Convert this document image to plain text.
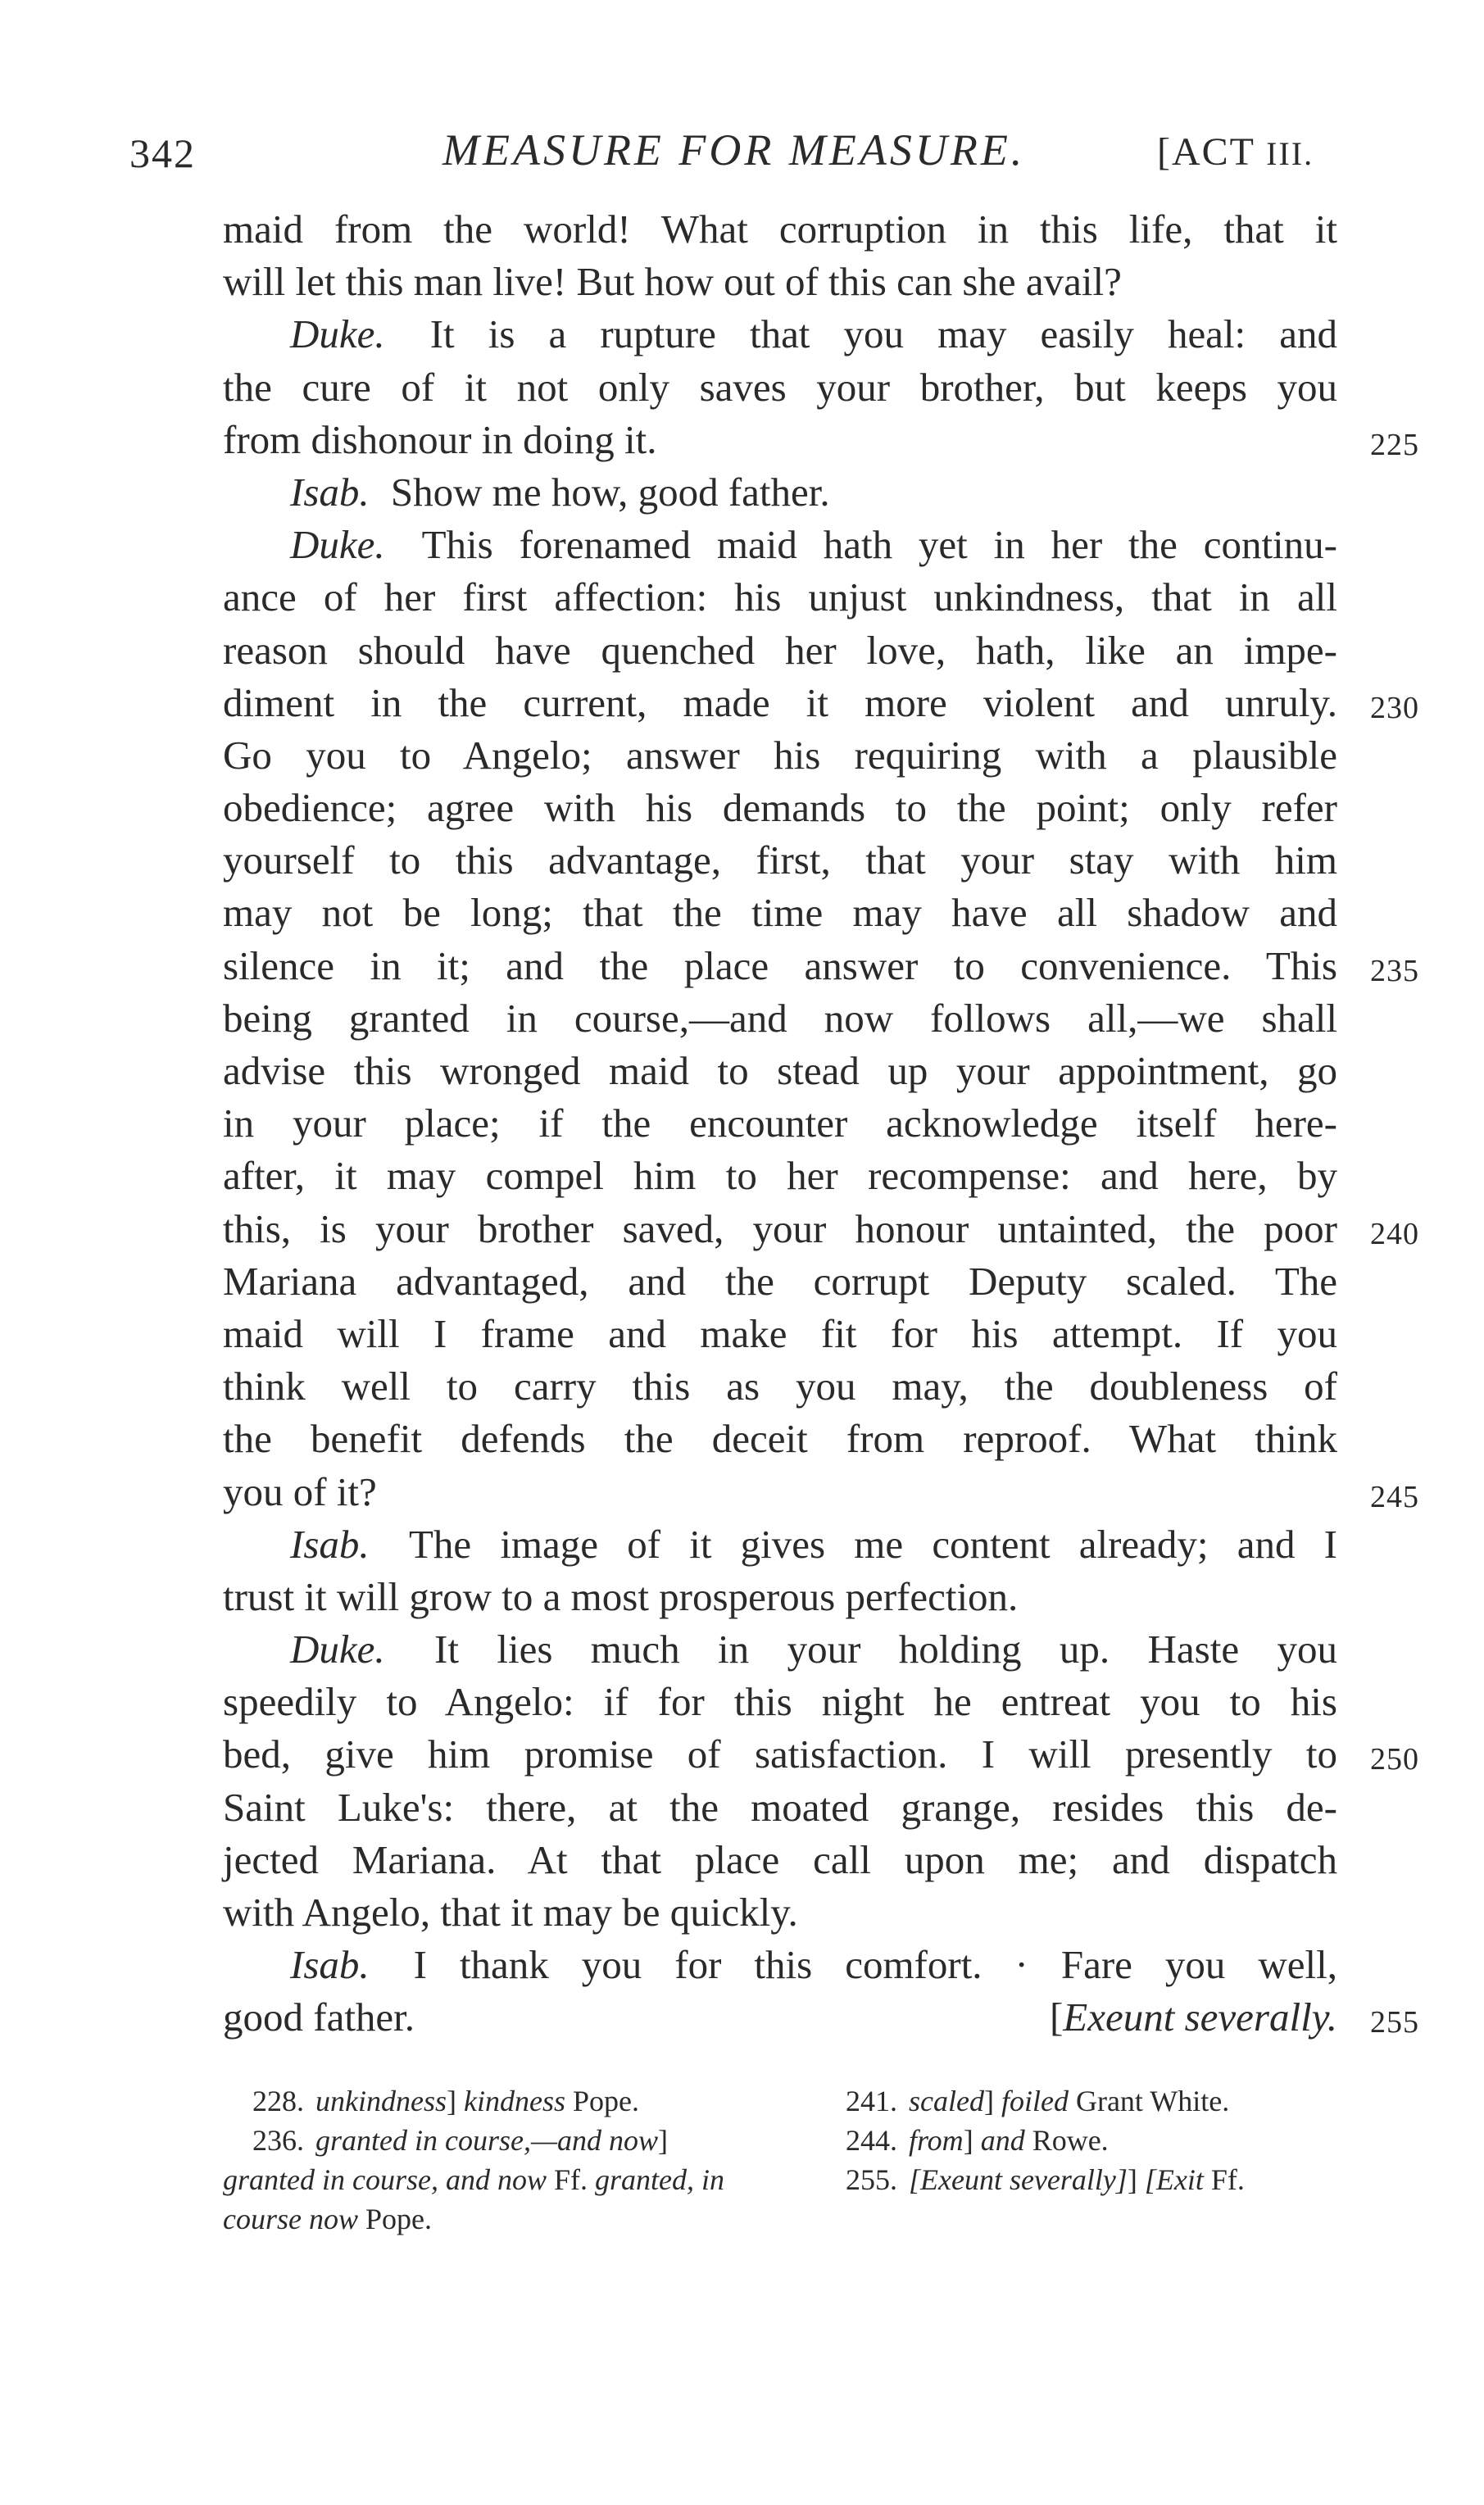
342	MEASURE FOR MEASURE.	[ACT III.
maid from the world! What corruption in this life, that it
will let this man live! But how out of this can she avail?
Duke. It is a rupture that you may easily heal: and
the cure of it not only saves your brother, but keeps you
from dishonour in doing it.	225
Isab. Show me how, good father.
Duke. This forenamed maid hath yet in her the continu-
ance of her first affection: his unjust unkindness, that in all
reason should have quenched her love, hath, like an impe-
diment in the current, made it more violent and unruly. 230
Go you to Angelo; answer his requiring with a plausible
obedience; agree with his demands to the point; only refer
yourself to this advantage, first, that your stay with him
may not be long; that the time may have all shadow and
silence in it; and the place answer to convenience. This 235
being granted in course,—and now follows all,—we shall
advise this wronged maid to stead up your appointment, go
in your place; if the encounter acknowledge itself here-
after, it may compel him to her recompense: and here, by
this, is your brother saved, your honour untainted, the poor 240
Mariana advantaged, and the corrupt Deputy scaled. The
maid will I frame and make fit for his attempt. If you
think well to carry this as you may, the doubleness of
the benefit defends the deceit from reproof. What think
you of it?	245
Isab. The image of it gives me content already; and I
trust it will grow to a most prosperous perfection.
Duke. It lies much in your holding up. Haste you
speedily to Angelo: if for this night he entreat you to his
bed, give him promise of satisfaction. I will presently to 250
Saint Luke's: there, at the moated grange, resides this de-
jected Mariana. At that place call upon me; and dispatch
with Angelo, that it may be quickly.
Isab. I thank you for this comfort. · Fare you well,
good father.	[Exeunt severally. 255

228. unkindness] kindness Pope.

236. granted in course,—and now] granted in course, and now Ff. granted, in course now Pope.

241. scaled] foiled Grant White.

244. from] and Rowe.

255. [Exeunt severally]] [Exit Ff.
